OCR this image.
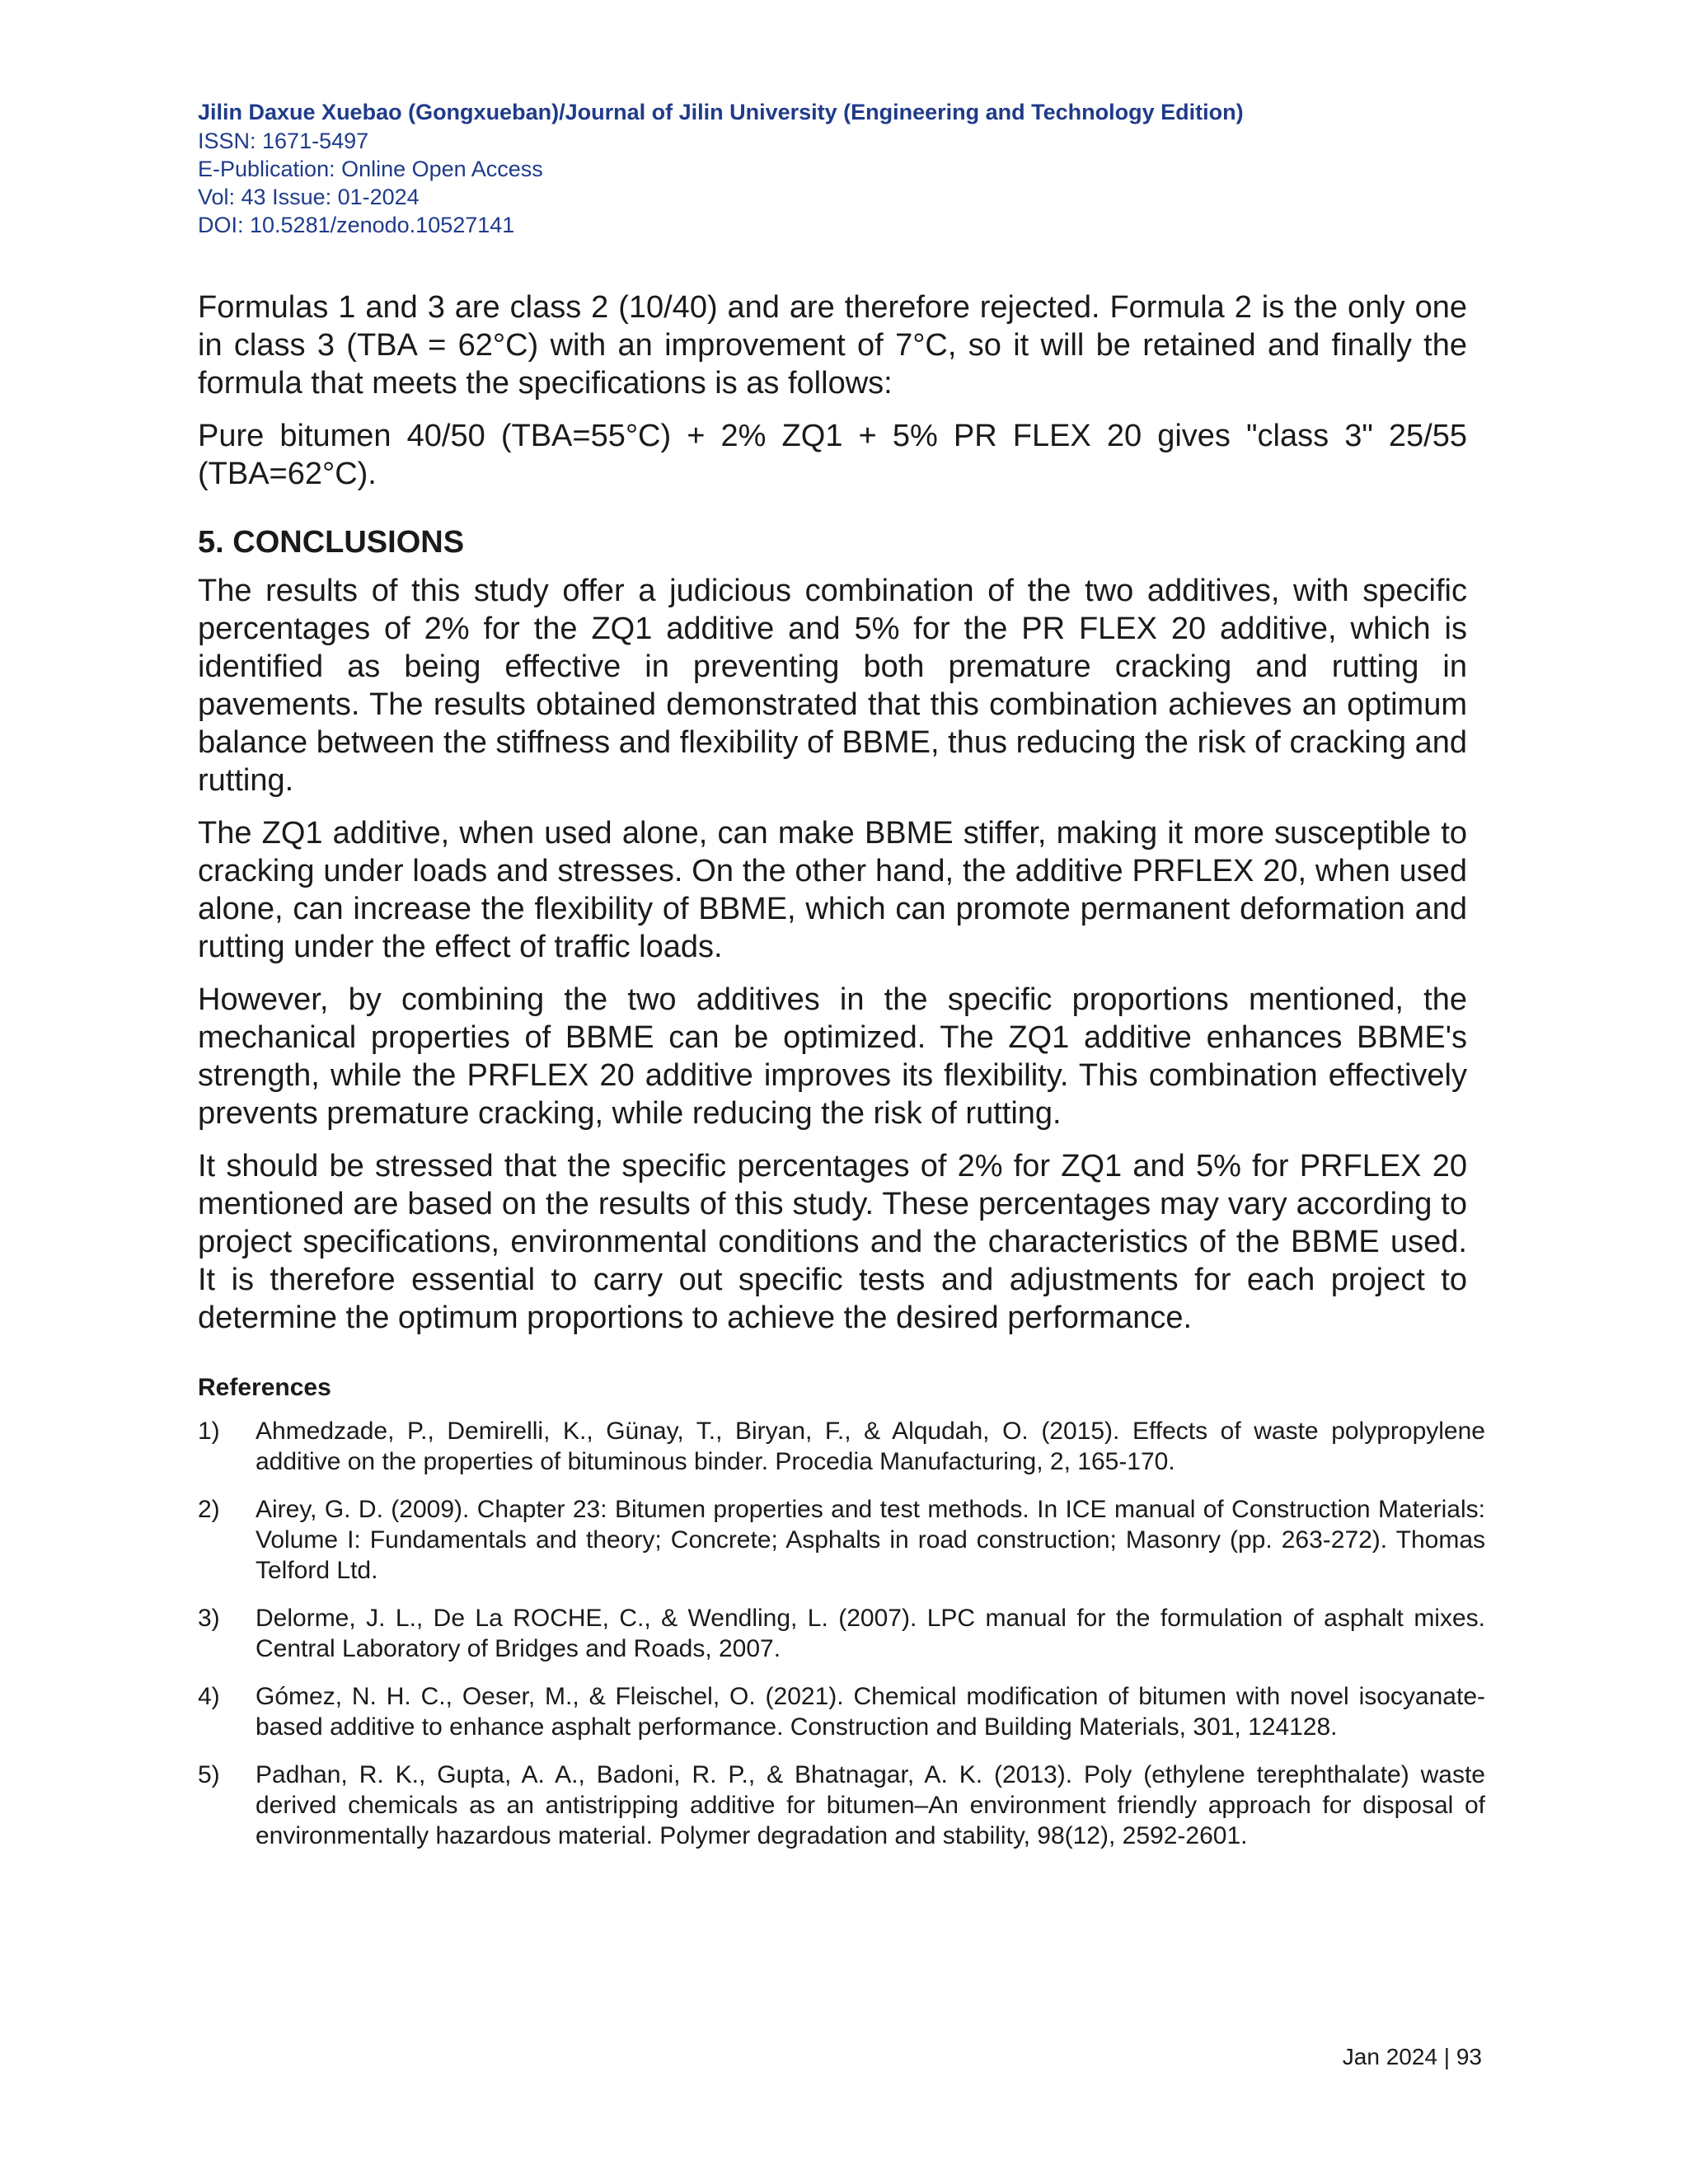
Jilin Daxue Xuebao (Gongxueban)/Journal of Jilin University (Engineering and Technology Edition)
ISSN: 1671-5497
E-Publication: Online Open Access
Vol: 43 Issue: 01-2024
DOI: 10.5281/zenodo.10527141

Formulas 1 and 3 are class 2 (10/40) and are therefore rejected. Formula 2 is the only one in class 3 (TBA = 62°C) with an improvement of 7°C, so it will be retained and finally the formula that meets the specifications is as follows:

Pure bitumen 40/50 (TBA=55°C) + 2% ZQ1 + 5% PR FLEX 20 gives "class 3" 25/55 (TBA=62°C).

5. CONCLUSIONS

The results of this study offer a judicious combination of the two additives, with specific percentages of 2% for the ZQ1 additive and 5% for the PR FLEX 20 additive, which is identified as being effective in preventing both premature cracking and rutting in pavements. The results obtained demonstrated that this combination achieves an optimum balance between the stiffness and flexibility of BBME, thus reducing the risk of cracking and rutting.

The ZQ1 additive, when used alone, can make BBME stiffer, making it more susceptible to cracking under loads and stresses. On the other hand, the additive PRFLEX 20, when used alone, can increase the flexibility of BBME, which can promote permanent deformation and rutting under the effect of traffic loads.

However, by combining the two additives in the specific proportions mentioned, the mechanical properties of BBME can be optimized. The ZQ1 additive enhances BBME's strength, while the PRFLEX 20 additive improves its flexibility. This combination effectively prevents premature cracking, while reducing the risk of rutting.

It should be stressed that the specific percentages of 2% for ZQ1 and 5% for PRFLEX 20 mentioned are based on the results of this study. These percentages may vary according to project specifications, environmental conditions and the characteristics of the BBME used. It is therefore essential to carry out specific tests and adjustments for each project to determine the optimum proportions to achieve the desired performance.

References
1)	Ahmedzade, P., Demirelli, K., Günay, T., Biryan, F., & Alqudah, O. (2015). Effects of waste polypropylene additive on the properties of bituminous binder. Procedia Manufacturing, 2, 165-170.
2)	Airey, G. D. (2009). Chapter 23: Bitumen properties and test methods. In ICE manual of Construction Materials: Volume I: Fundamentals and theory; Concrete; Asphalts in road construction; Masonry (pp. 263-272). Thomas Telford Ltd.
3)	Delorme, J. L., De La ROCHE, C., & Wendling, L. (2007). LPC manual for the formulation of asphalt mixes. Central Laboratory of Bridges and Roads, 2007.
4)	Gómez, N. H. C., Oeser, M., & Fleischel, O. (2021). Chemical modification of bitumen with novel isocyanate-based additive to enhance asphalt performance. Construction and Building Materials, 301, 124128.
5)	Padhan, R. K., Gupta, A. A., Badoni, R. P., & Bhatnagar, A. K. (2013). Poly (ethylene terephthalate) waste derived chemicals as an antistripping additive for bitumen–An environment friendly approach for disposal of environmentally hazardous material. Polymer degradation and stability, 98(12), 2592-2601.
Jan 2024 | 93
